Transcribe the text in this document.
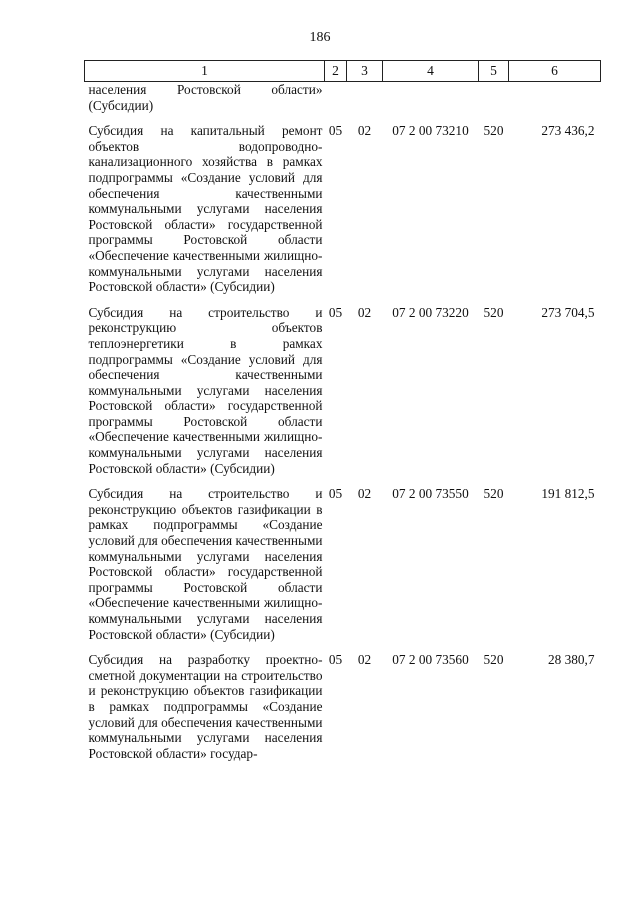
186
1	2	3	4	5	6
населения Ростовской области» (Субсидии)					
Субсидия на капитальный ремонт объектов водопроводно-канализационного хозяйства в рамках подпрограммы «Создание условий для обеспечения качественными коммунальными услугами населения Ростовской области» государственной программы Ростовской области «Обеспечение качественными жилищно-коммунальными услугами населения Ростовской области» (Субсидии)	05	02	07 2 00 73210	520	273 436,2
Субсидия на строительство и реконструкцию объектов теплоэнергетики в рамках подпрограммы «Создание условий для обеспечения качественными коммунальными услугами населения Ростовской области» государственной программы Ростовской области «Обеспечение качественными жилищно-коммунальными услугами населения Ростовской области» (Субсидии)	05	02	07 2 00 73220	520	273 704,5
Субсидия на строительство и реконструкцию объектов газификации в рамках подпрограммы «Создание условий для обеспечения качественными коммунальными услугами населения Ростовской области» государственной программы Ростовской области «Обеспечение качественными жилищно-коммунальными услугами населения Ростовской области» (Субсидии)	05	02	07 2 00 73550	520	191 812,5
Субсидия на разработку проектно-сметной документации на строительство и реконструкцию объектов газификации в рамках подпрограммы «Создание условий для обеспечения качественными коммунальными услугами населения Ростовской области» государ-	05	02	07 2 00 73560	520	28 380,7
